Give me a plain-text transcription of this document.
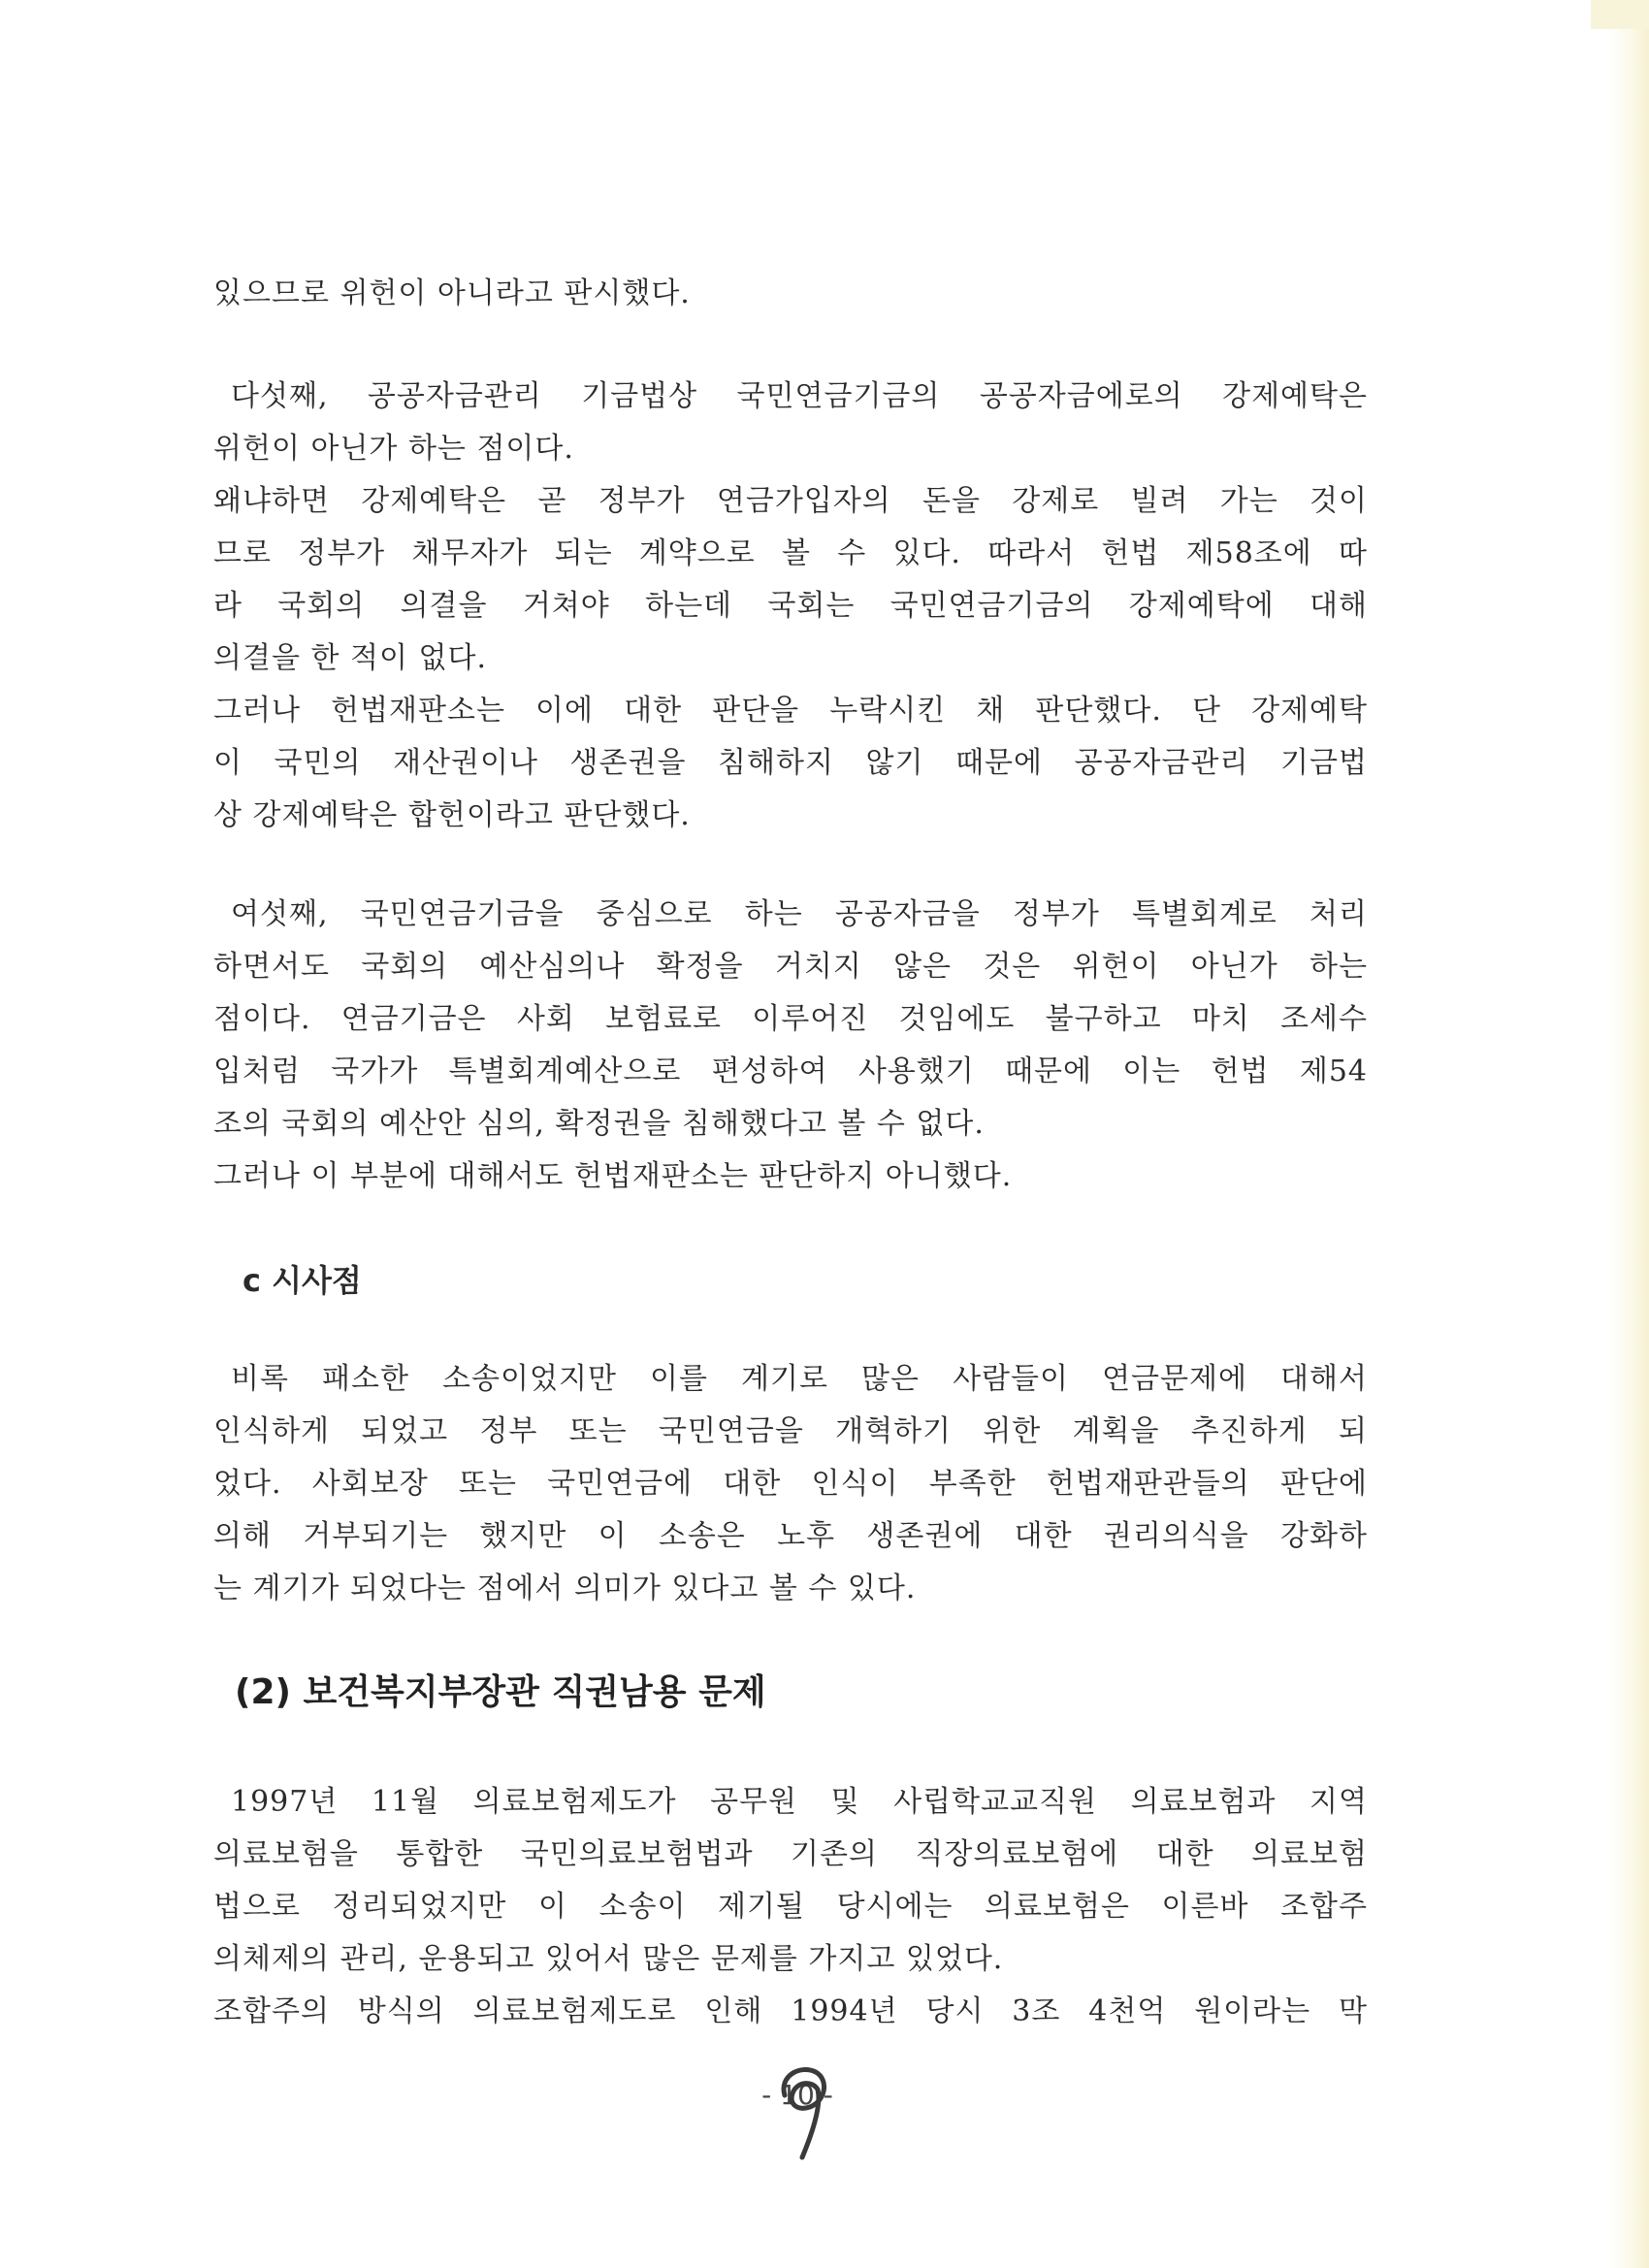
있으므로 위헌이 아니라고 판시했다.
다섯째, 공공자금관리 기금법상 국민연금기금의 공공자금에로의 강제예탁은
위헌이 아닌가 하는 점이다.
왜냐하면 강제예탁은 곧 정부가 연금가입자의 돈을 강제로 빌려 가는 것이
므로 정부가 채무자가 되는 계약으로 볼 수 있다. 따라서 헌법 제58조에 따
라 국회의 의결을 거쳐야 하는데 국회는 국민연금기금의 강제예탁에 대해
의결을 한 적이 없다.
그러나 헌법재판소는 이에 대한 판단을 누락시킨 채 판단했다. 단 강제예탁
이 국민의 재산권이나 생존권을 침해하지 않기 때문에 공공자금관리 기금법
상 강제예탁은 합헌이라고 판단했다.
여섯째, 국민연금기금을 중심으로 하는 공공자금을 정부가 특별회계로 처리
하면서도 국회의 예산심의나 확정을 거치지 않은 것은 위헌이 아닌가 하는
점이다. 연금기금은 사회 보험료로 이루어진 것임에도 불구하고 마치 조세수
입처럼 국가가 특별회계예산으로 편성하여 사용했기 때문에 이는 헌법 제54
조의 국회의 예산안 심의, 확정권을 침해했다고 볼 수 없다.
그러나 이 부분에 대해서도 헌법재판소는 판단하지 아니했다.
c 시사점
비록 패소한 소송이었지만 이를 계기로 많은 사람들이 연금문제에 대해서
인식하게 되었고 정부 또는 국민연금을 개혁하기 위한 계획을 추진하게 되
었다. 사회보장 또는 국민연금에 대한 인식이 부족한 헌법재판관들의 판단에
의해 거부되기는 했지만 이 소송은 노후 생존권에 대한 권리의식을 강화하
는 계기가 되었다는 점에서 의미가 있다고 볼 수 있다.
(2) 보건복지부장관 직권남용 문제
1997년 11월 의료보험제도가 공무원 및 사립학교교직원 의료보험과 지역
의료보험을 통합한 국민의료보험법과 기존의 직장의료보험에 대한 의료보험
법으로 정리되었지만 이 소송이 제기될 당시에는 의료보험은 이른바 조합주
의체제의 관리, 운용되고 있어서 많은 문제를 가지고 있었다.
조합주의 방식의 의료보험제도로 인해 1994년 당시 3조 4천억 원이라는 막
- 10 -
